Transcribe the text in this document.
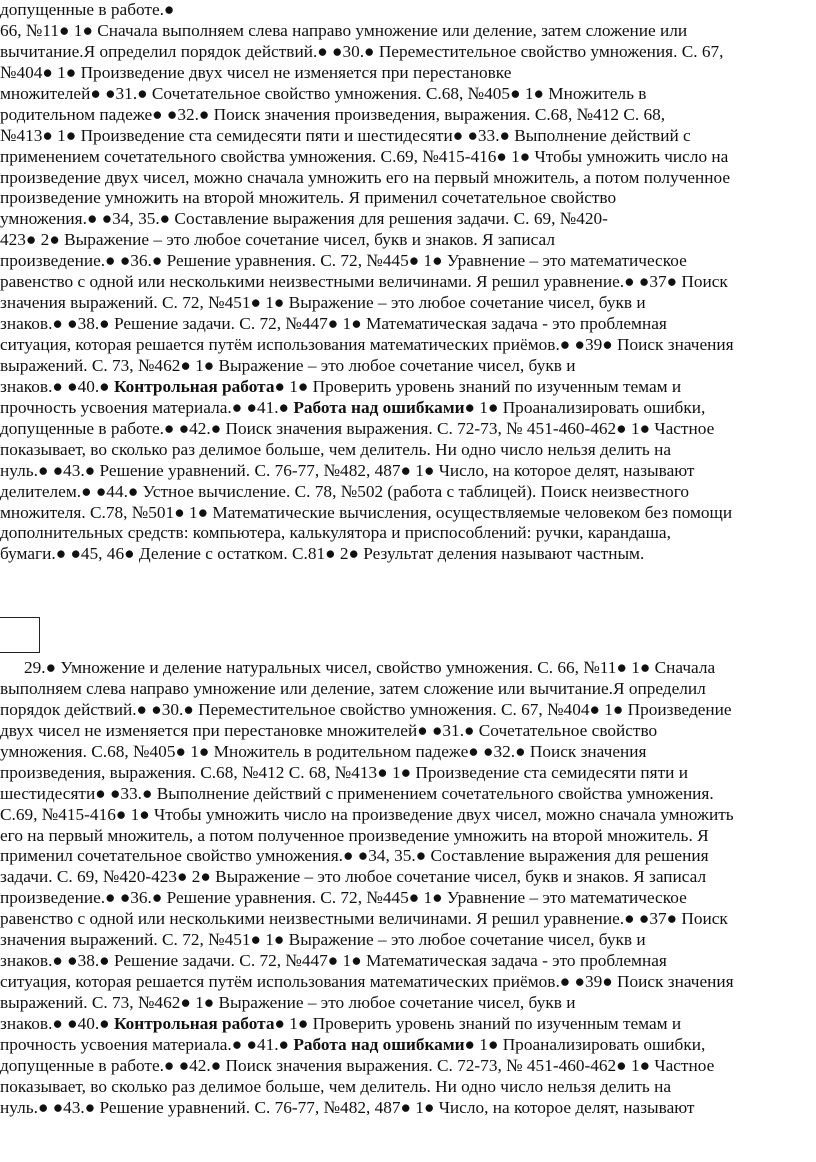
допущенные в работе.●
66, №11● 1● Сначала выполняем слева направо умножение или деление, затем сложение или
вычитание.Я определил порядок действий.● ●30.● Переместительное свойство умножения. С. 67,
№404● 1● Произведение двух чисел не изменяется при перестановке
множителей● ●31.● Сочетательное свойство умножения. С.68, №405● 1● Множитель в
родительном падеже● ●32.● Поиск значения произведения, выражения. С.68, №412 С. 68,
№413● 1● Произведение ста семидесяти пяти и шестидесяти● ●33.● Выполнение действий с
применением сочетательного свойства умножения. С.69, №415-416● 1● Чтобы умножить число на
произведение двух чисел, можно сначала умножить его на первый множитель, а потом полученное
произведение умножить на второй множитель. Я применил сочетательное свойство
умножения.● ●34, 35.● Составление выражения для решения задачи. С. 69, №420-
423● 2● Выражение – это любое сочетание чисел, букв и знаков. Я записал
произведение.● ●36.● Решение уравнения. С. 72, №445● 1● Уравнение – это математическое
равенство с одной или несколькими неизвестными величинами. Я решил уравнение.● ●37● Поиск
значения выражений. С. 72, №451● 1● Выражение – это любое сочетание чисел, букв и
знаков.● ●38.● Решение задачи. С. 72, №447● 1● Математическая задача - это проблемная
ситуация, которая решается путём использования математических приёмов.● ●39● Поиск значения
выражений. С. 73, №462● 1● Выражение – это любое сочетание чисел, букв и
знаков.● ●40.● Контрольная работа● 1● Проверить уровень знаний по изученным темам и
прочность усвоения материала.● ●41.● Работа над ошибками● 1● Проанализировать ошибки,
допущенные в работе.● ●42.● Поиск значения выражения. С. 72-73, № 451-460-462● 1● Частное
показывает, во сколько раз делимое больше, чем делитель. Ни одно число нельзя делить на
нуль.● ●43.● Решение уравнений. С. 76-77, №482, 487● 1● Число, на которое делят, называют
делителем.● ●44.● Устное вычисление. С. 78, №502 (работа с таблицей). Поиск неизвестного
множителя. С.78, №501● 1● Математические вычисления, осуществляемые человеком без помощи
дополнительных средств: компьютера, калькулятора и приспособлений: ручки, карандаша,
бумаги.● ●45, 46● Деление с остатком. С.81● 2● Результат деления называют частным.
29.● Умножение и деление натуральных чисел, свойство умножения. С. 66, №11● 1● Сначала
выполняем слева направо умножение или деление, затем сложение или вычитание.Я определил
порядок действий.● ●30.● Переместительное свойство умножения. С. 67, №404● 1● Произведение
двух чисел не изменяется при перестановке множителей● ●31.● Сочетательное свойство
умножения. С.68, №405● 1● Множитель в родительном падеже● ●32.● Поиск значения
произведения, выражения. С.68, №412 С. 68, №413● 1● Произведение ста семидесяти пяти и
шестидесяти● ●33.● Выполнение действий с применением сочетательного свойства умножения.
С.69, №415-416● 1● Чтобы умножить число на произведение двух чисел, можно сначала умножить
его на первый множитель, а потом полученное произведение умножить на второй множитель. Я
применил сочетательное свойство умножения.● ●34, 35.● Составление выражения для решения
задачи. С. 69, №420-423● 2● Выражение – это любое сочетание чисел, букв и знаков. Я записал
произведение.● ●36.● Решение уравнения. С. 72, №445● 1● Уравнение – это математическое
равенство с одной или несколькими неизвестными величинами. Я решил уравнение.● ●37● Поиск
значения выражений. С. 72, №451● 1● Выражение – это любое сочетание чисел, букв и
знаков.● ●38.● Решение задачи. С. 72, №447● 1● Математическая задача - это проблемная
ситуация, которая решается путём использования математических приёмов.● ●39● Поиск значения
выражений. С. 73, №462● 1● Выражение – это любое сочетание чисел, букв и
знаков.● ●40.● Контрольная работа● 1● Проверить уровень знаний по изученным темам и
прочность усвоения материала.● ●41.● Работа над ошибками● 1● Проанализировать ошибки,
допущенные в работе.● ●42.● Поиск значения выражения. С. 72-73, № 451-460-462● 1● Частное
показывает, во сколько раз делимое больше, чем делитель. Ни одно число нельзя делить на
нуль.● ●43.● Решение уравнений. С. 76-77, №482, 487● 1● Число, на которое делят, называют
